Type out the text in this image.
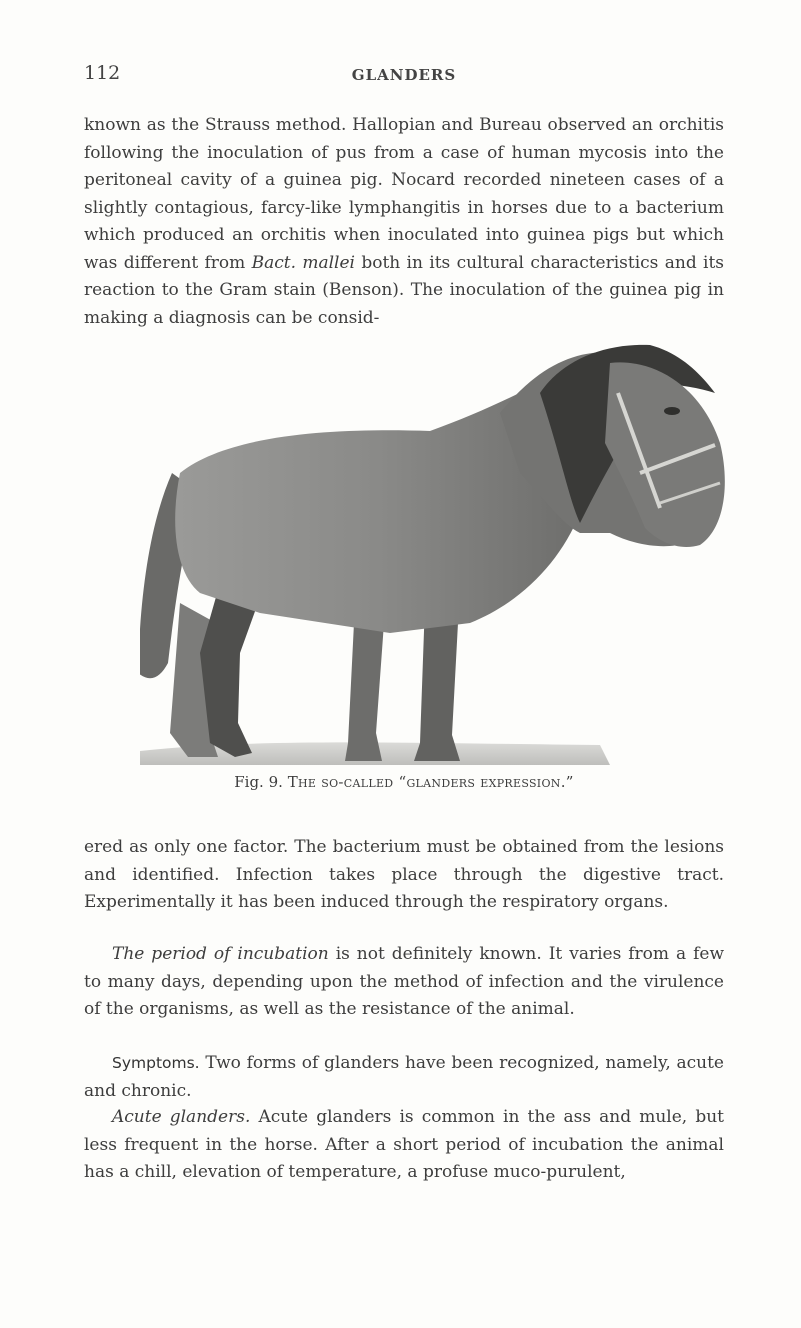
112	GLANDERS

known as the Strauss method. Hallopian and Bureau observed an orchitis following the inoculation of pus from a case of human mycosis into the peritoneal cavity of a guinea pig. Nocard recorded nineteen cases of a slightly contagious, farcy-like lymphangitis in horses due to a bacterium which produced an orchitis when inoculated into guinea pigs but which was different from Bact. mallei both in its cultural characteristics and its reaction to the Gram stain (Benson). The inoculation of the guinea pig in making a diagnosis can be consid-

Fig. 9. The so-called “glanders expression.”

ered as only one factor. The bacterium must be obtained from the lesions and identified. Infection takes place through the digestive tract. Experimentally it has been induced through the respiratory organs.

The period of incubation is not definitely known. It varies from a few to many days, depending upon the method of infection and the virulence of the organisms, as well as the resistance of the animal.

Symptoms. Two forms of glanders have been recognized, namely, acute and chronic.

Acute glanders. Acute glanders is common in the ass and mule, but less frequent in the horse. After a short period of incubation the animal has a chill, elevation of temperature, a profuse muco-purulent,
